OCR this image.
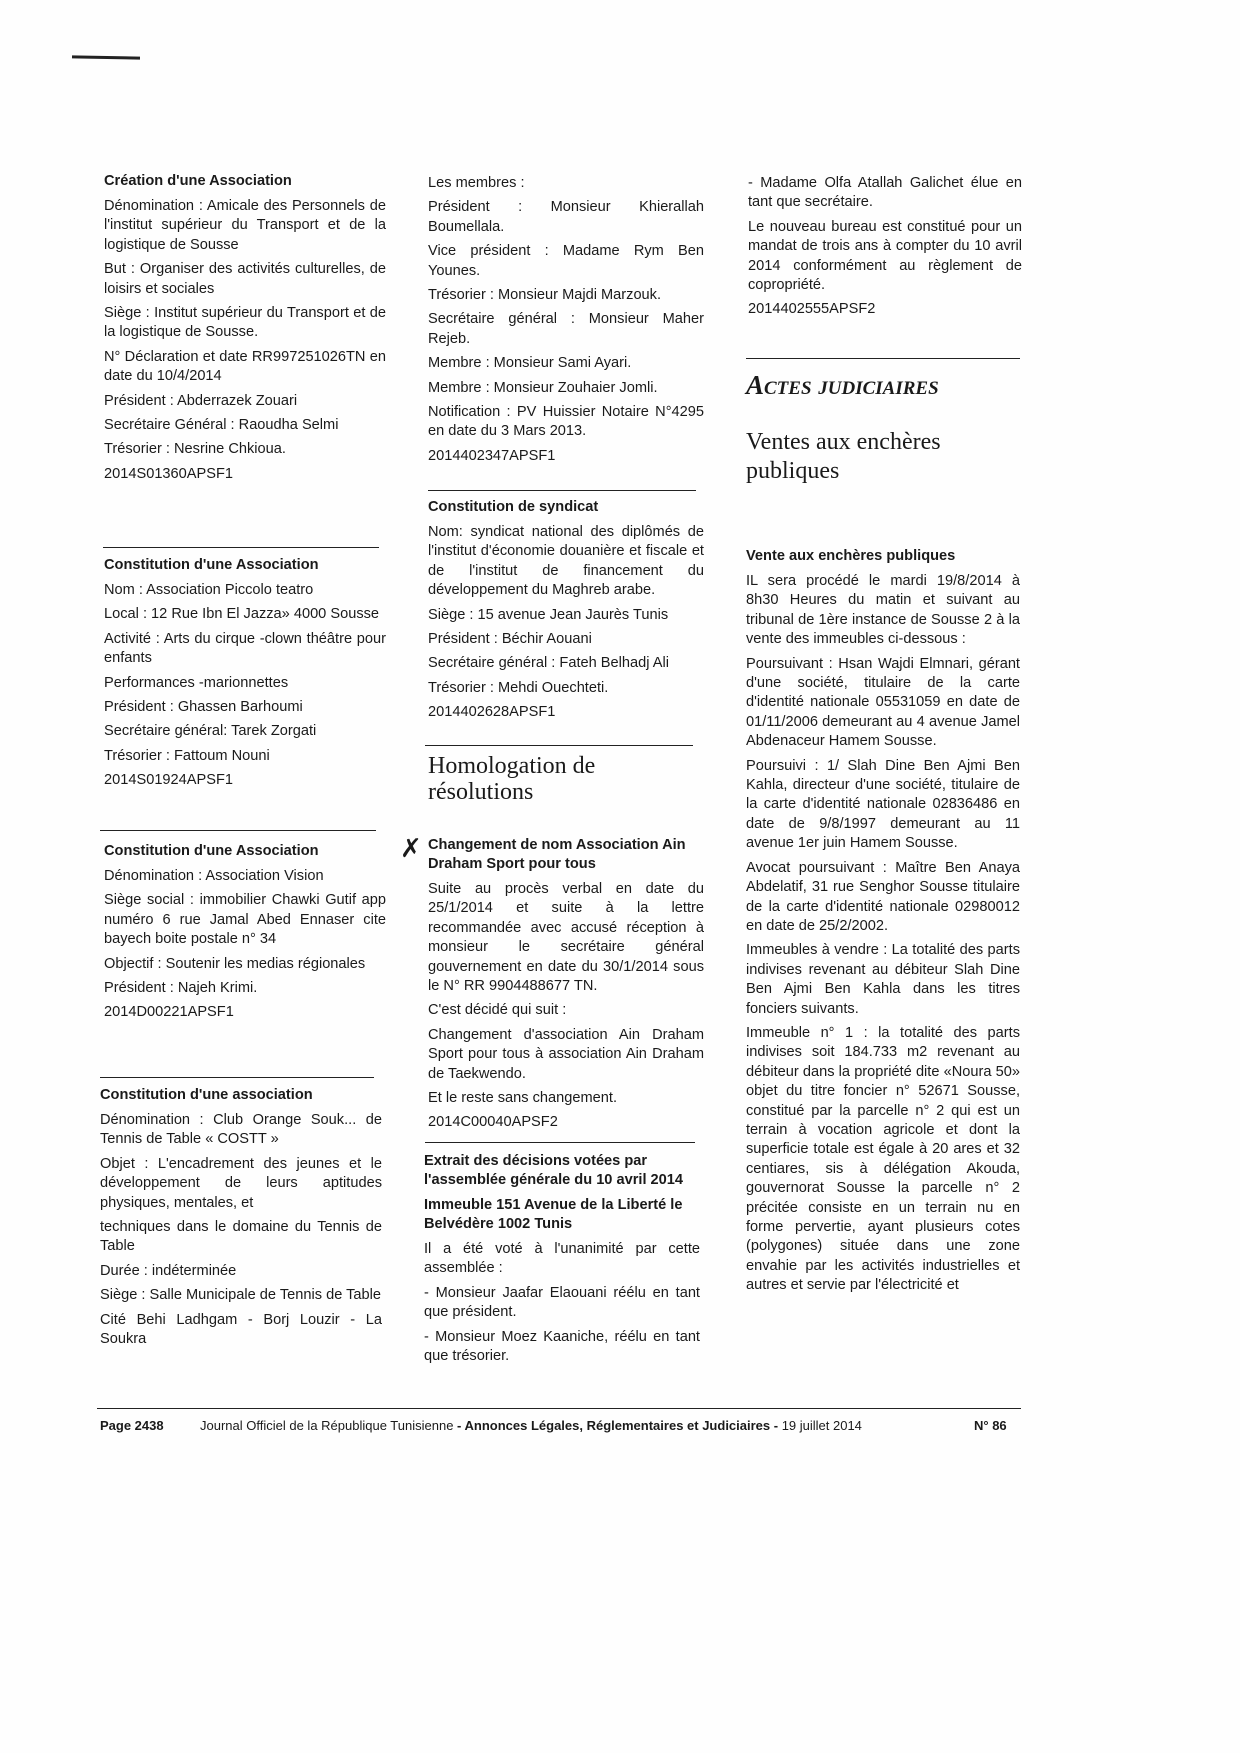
✗

Création d'une Association

Dénomination : Amicale des Personnels de l'institut supérieur du Transport et de la logistique de Sousse

But : Organiser des activités culturelles, de loisirs et sociales

Siège : Institut supérieur du Transport et de la logistique de Sousse.

N° Déclaration et date RR997251026TN en date du 10/4/2014

Président : Abderrazek Zouari

Secrétaire Général : Raoudha Selmi

Trésorier : Nesrine Chkioua.

2014S01360APSF1

Constitution d'une Association

Nom : Association Piccolo teatro

Local : 12 Rue Ibn El Jazza» 4000 Sousse

Activité : Arts du cirque -clown théâtre pour enfants

Performances -marionnettes

Président : Ghassen Barhoumi

Secrétaire général: Tarek Zorgati

Trésorier : Fattoum Nouni

2014S01924APSF1

Constitution d'une Association

Dénomination : Association Vision

Siège social : immobilier Chawki Gutif app numéro 6 rue Jamal Abed Ennaser cite bayech boite postale n° 34

Objectif : Soutenir les medias régionales

Président : Najeh Krimi.

2014D00221APSF1

Constitution d'une association

Dénomination : Club Orange Souk... de Tennis de Table « COSTT »

Objet : L'encadrement des jeunes et le développement de leurs aptitudes physiques, mentales, et

techniques dans le domaine du Tennis de Table

Durée : indéterminée

Siège : Salle Municipale de Tennis de Table

Cité Behi Ladhgam - Borj Louzir - La Soukra

Les membres :

Président : Monsieur Khierallah Boumellala.

Vice président : Madame Rym Ben Younes.

Trésorier : Monsieur Majdi Marzouk.

Secrétaire général : Monsieur Maher Rejeb.

Membre : Monsieur Sami Ayari.

Membre : Monsieur Zouhaier Jomli.

Notification : PV Huissier Notaire N°4295 en date du 3 Mars 2013.

2014402347APSF1

Constitution de syndicat

Nom: syndicat national des diplômés de l'institut d'économie douanière et fiscale et de l'institut de financement du développement du Maghreb arabe.

Siège : 15 avenue Jean Jaurès Tunis

Président : Béchir Aouani

Secrétaire général : Fateh Belhadj Ali

Trésorier : Mehdi Ouechteti.

2014402628APSF1

Homologation de résolutions

Changement de nom Association Ain Draham Sport pour tous

Suite au procès verbal en date du 25/1/2014 et suite à la lettre recommandée avec accusé réception à monsieur le secrétaire général gouvernement en date du 30/1/2014 sous le N° RR 9904488677 TN.

C'est décidé qui suit :

Changement d'association Ain Draham Sport pour tous à association Ain Draham de Taekwendo.

Et le reste sans changement.

2014C00040APSF2

Extrait des décisions votées par l'assemblée générale du 10 avril 2014

Immeuble 151 Avenue de la Liberté le Belvédère 1002 Tunis

Il a été voté à l'unanimité par cette assemblée :

- Monsieur Jaafar Elaouani réélu en tant que président.

- Monsieur Moez Kaaniche, réélu en tant que trésorier.

- Madame Olfa Atallah Galichet élue en tant que secrétaire.

Le nouveau bureau est constitué pour un mandat de trois ans à compter du 10 avril 2014 conformément au règlement de copropriété.

2014402555APSF2

Actes judiciaires

Ventes aux enchères publiques

Vente aux enchères publiques

IL sera procédé le mardi 19/8/2014 à 8h30 Heures du matin et suivant au tribunal de 1ère instance de Sousse 2 à la vente des immeubles ci-dessous :

Poursuivant : Hsan Wajdi Elmnari, gérant d'une société, titulaire de la carte d'identité nationale 05531059 en date de 01/11/2006 demeurant au 4 avenue Jamel Abdenaceur Hamem Sousse.

Poursuivi : 1/ Slah Dine Ben Ajmi Ben Kahla, directeur d'une société, titulaire de la carte d'identité nationale 02836486 en date de 9/8/1997 demeurant au 11 avenue 1er juin Hamem Sousse.

Avocat poursuivant : Maître Ben Anaya Abdelatif, 31 rue Senghor Sousse titulaire de la carte d'identité nationale 02980012 en date de 25/2/2002.

Immeubles à vendre : La totalité des parts indivises revenant au débiteur Slah Dine Ben Ajmi Ben Kahla dans les titres fonciers suivants.

Immeuble n° 1 : la totalité des parts indivises soit 184.733 m2 revenant au débiteur dans la propriété dite «Noura 50» objet du titre foncier n° 52671 Sousse, constitué par la parcelle n° 2 qui est un terrain à vocation agricole et dont la superficie totale est égale à 20 ares et 32 centiares, sis à délégation Akouda, gouvernorat Sousse la parcelle n° 2 précitée consiste en un terrain nu en forme pervertie, ayant plusieurs cotes (polygones) située dans une zone envahie par les activités industrielles et autres et servie par l'électricité et

Page 2438	Journal Officiel de la République Tunisienne - Annonces Légales, Réglementaires et Judiciaires - 19 juillet 2014	N° 86
